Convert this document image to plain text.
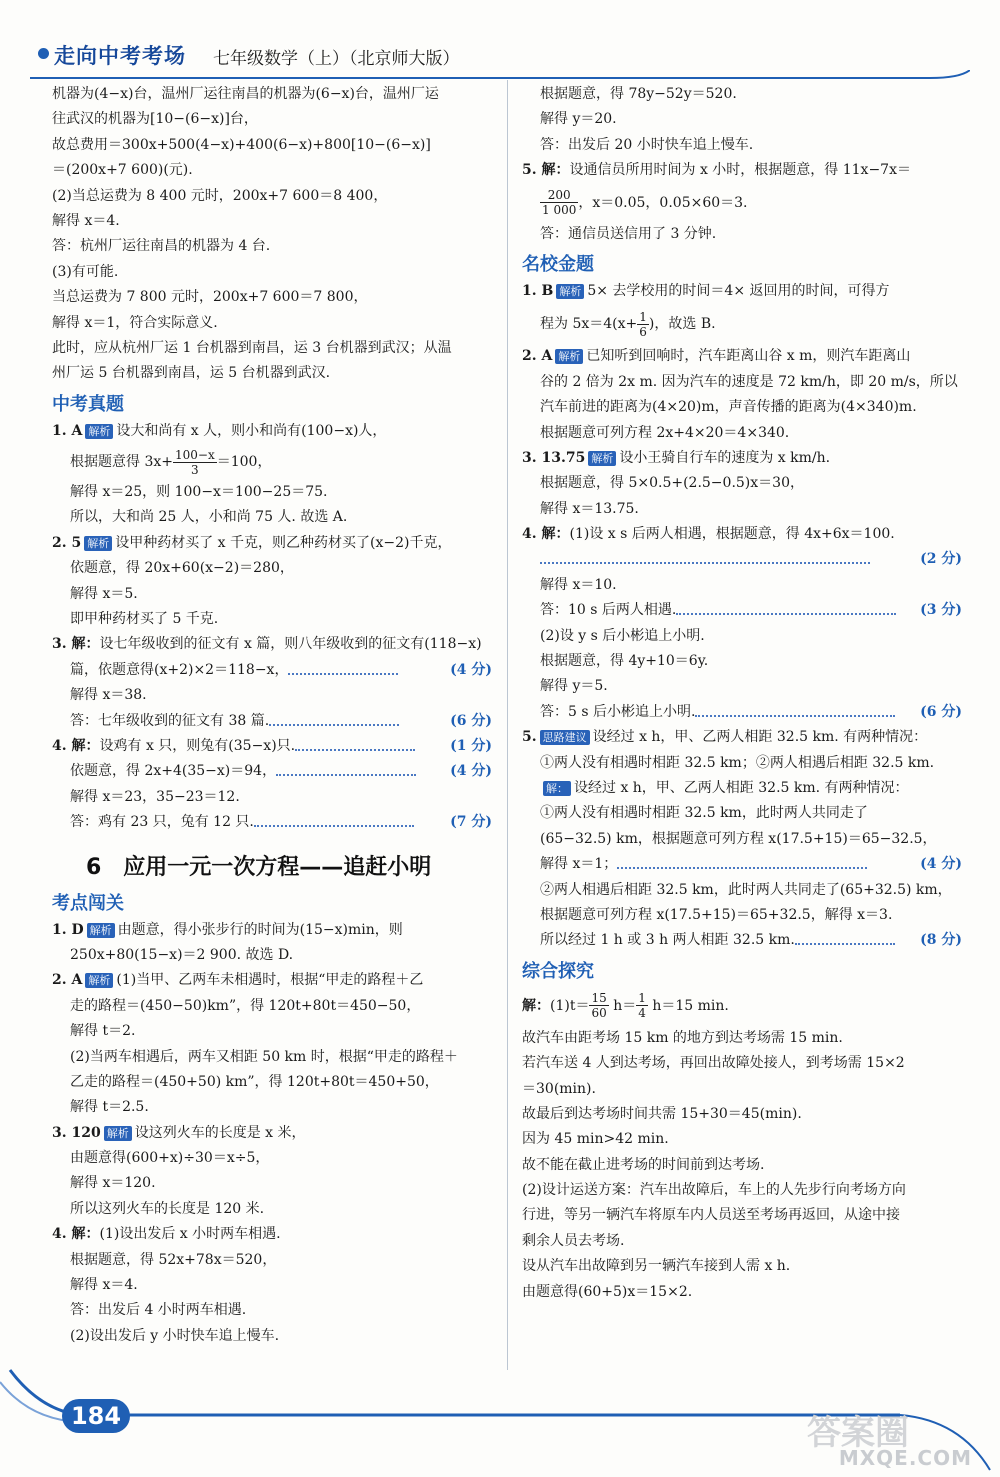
走向中考考场 七年级数学（上）（北京师大版）
机器为(4−x)台，温州厂运往南昌的机器为(6−x)台，温州厂运
往武汉的机器为[10−(6−x)]台，
故总费用＝300x+500(4−x)+400(6−x)+800[10−(6−x)]
＝(200x+7 600)(元).
(2)当总运费为 8 400 元时，200x+7 600＝8 400，
解得 x＝4.
答：杭州厂运往南昌的机器为 4 台.
(3)有可能.
当总运费为 7 800 元时，200x+7 600＝7 800，
解得 x＝1，符合实际意义.
此时，应从杭州厂运 1 台机器到南昌，运 3 台机器到武汉；从温
州厂运 5 台机器到南昌，运 5 台机器到武汉.
中考真题
1. A 解析 设大和尚有 x 人，则小和尚有(100−x)人，
根据题意得 $3x+ \frac{100-x}{3} =100$，
解得 x＝25，则 100−x＝100−25＝75.
所以，大和尚 25 人，小和尚 75 人. 故选 A.
2. 5 解析 设甲种药材买了 x 千克，则乙种药材买了(x−2)千克，
依题意，得 20x+60(x−2)＝280，
解得 x＝5.
即甲种药材买了 5 千克.
3. 解：设七年级收到的征文有 x 篇，则八年级收到的征文有(118−x)
篇，依题意得(x+2)×2＝118−x，	(4 分)
解得 x＝38.
答：七年级收到的征文有 38 篇.	(6 分)
4. 解：设鸡有 x 只，则兔有(35−x)只.	(1 分)
依题意，得 2x+4(35−x)＝94，	(4 分)
解得 x＝23，35−23＝12.
答：鸡有 23 只，兔有 12 只.	(7 分)
6　应用一元一次方程——追赶小明
考点闯关
1. D 解析 由题意，得小张步行的时间为(15−x)min，则
250x+80(15−x)＝2 900. 故选 D.
2. A 解析 (1)当甲、乙两车未相遇时，根据“甲走的路程＋乙
走的路程＝(450−50)km”，得 120t+80t＝450−50，
解得 t＝2.
(2)当两车相遇后，两车又相距 50 km 时，根据“甲走的路程＋
乙走的路程＝(450+50) km”，得 120t+80t＝450+50，
解得 t＝2.5.
3. 120 解析 设这列火车的长度是 x 米，
由题意得(600+x)÷30＝x÷5，
解得 x＝120.
所以这列火车的长度是 120 米.
4. 解：(1)设出发后 x 小时两车相遇.
根据题意，得 52x+78x＝520，
解得 x＝4.
答：出发后 4 小时两车相遇.
(2)设出发后 y 小时快车追上慢车.
根据题意，得 78y−52y＝520.
解得 y＝20.
答：出发后 20 小时快车追上慢车.
5. 解：设通信员所用时间为 x 小时，根据题意，得 11x−7x＝
$\frac{200}{1 000}$ ，x＝0.05，0.05×60＝3.
答：通信员送信用了 3 分钟.
名校金题
1. B 解析 5× 去学校用的时间＝4× 返回用的时间，可得方
程为 $5x=4(x+ \frac{1}{6}$ )，故选 B.
2. A 解析 已知听到回响时，汽车距离山谷 x m，则汽车距离山
谷的 2 倍为 2x m. 因为汽车的速度是 72 km/h，即 20 m/s，所以
汽车前进的距离为(4×20)m，声音传播的距离为(4×340)m.
根据题意可列方程 2x+4×20＝4×340.
3. 13.75 解析 设小王骑自行车的速度为 x km/h.
根据题意，得 5×0.5+(2.5−0.5)x＝30，
解得 x＝13.75.
4. 解：(1)设 x s 后两人相遇，根据题意，得 4x+6x＝100.
(2 分)
解得 x＝10.
答：10 s 后两人相遇.	(3 分)
(2)设 y s 后小彬追上小明.
根据题意，得 4y+10＝6y.
解得 y＝5.
答：5 s 后小彬追上小明.	(6 分)
5. 思路建议 设经过 x h，甲、乙两人相距 32.5 km. 有两种情况：
①两人没有相遇时相距 32.5 km；②两人相遇后相距 32.5 km.
解： 设经过 x h，甲、乙两人相距 32.5 km. 有两种情况：
①两人没有相遇时相距 32.5 km，此时两人共同走了
(65−32.5) km，根据题意可列方程 x(17.5+15)＝65−32.5，
解得 x＝1；	(4 分)
②两人相遇后相距 32.5 km，此时两人共同走了(65+32.5) km，
根据题意可列方程 x(17.5+15)＝65+32.5，解得 x＝3.
所以经过 1 h 或 3 h 两人相距 32.5 km.	(8 分)
综合探究
解：$(1)t= \frac{15}{60} h= \frac{1}{4} h=15$ min.
故汽车由距考场 15 km 的地方到达考场需 15 min.
若汽车送 4 人到达考场，再回出故障处接人，到考场需 15×2
＝30(min).
故最后到达考场时间共需 15+30＝45(min).
因为 45 min>42 min.
故不能在截止进考场的时间前到达考场.
(2)设计运送方案：汽车出故障后，车上的人先步行向考场方向
行进，等另一辆汽车将原车内人员送至考场再返回，从途中接
剩余人员去考场.
设从汽车出故障到另一辆汽车接到人需 x h.
由题意得(60+5)x＝15×2.
184	答案圈
MXQE.COM
